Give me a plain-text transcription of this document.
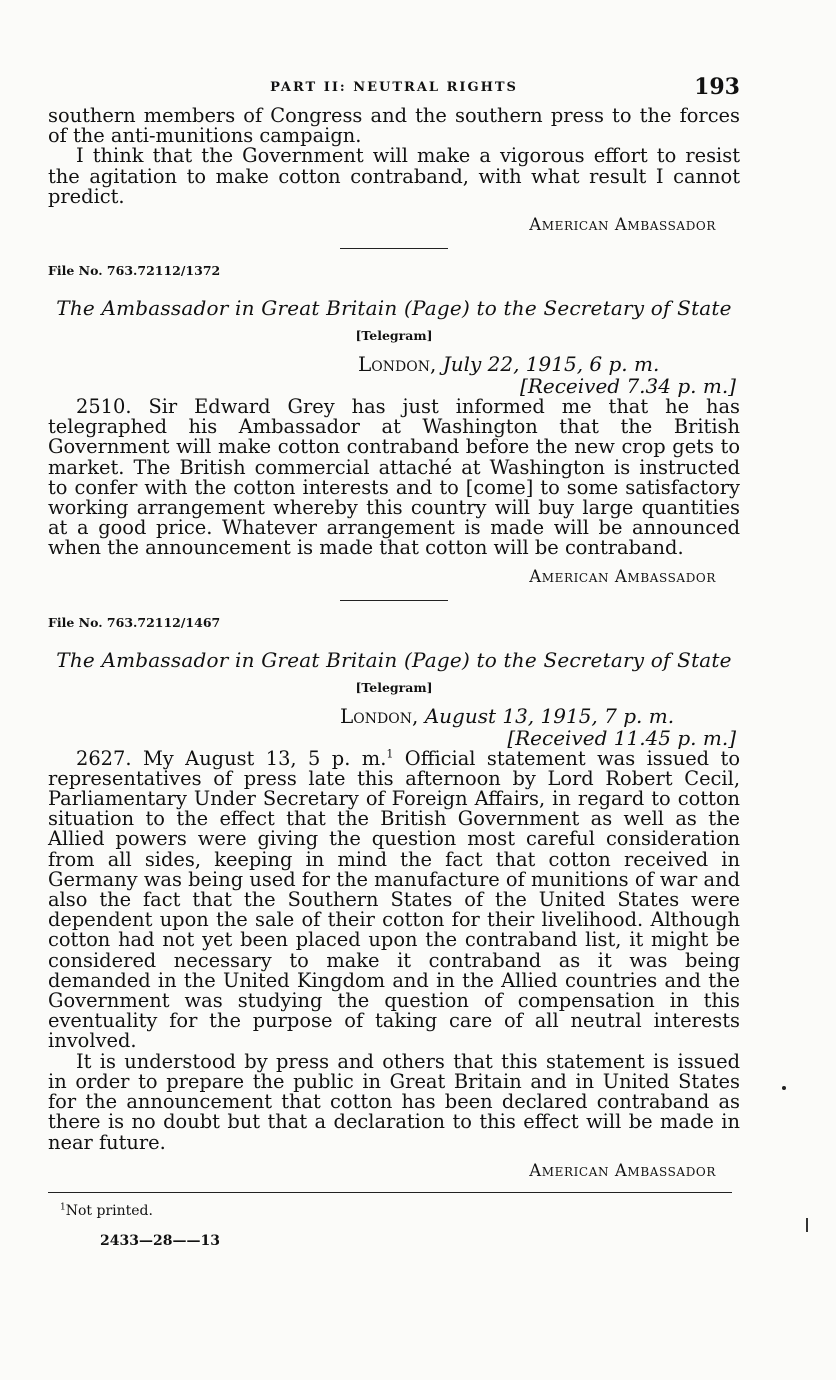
PART II: NEUTRAL RIGHTS	193

southern members of Congress and the southern press to the forces of the anti-munitions campaign.

I think that the Government will make a vigorous effort to resist the agitation to make cotton contraband, with what result I cannot predict.

American Ambassador
File No. 763.72112/1372
The Ambassador in Great Britain (Page) to the Secretary of State
[Telegram]
London, July 22, 1915, 6 p. m.
[Received 7.34 p. m.]

2510. Sir Edward Grey has just informed me that he has telegraphed his Ambassador at Washington that the British Government will make cotton contraband before the new crop gets to market. The British commercial attaché at Washington is instructed to confer with the cotton interests and to [come] to some satisfactory working arrangement whereby this country will buy large quantities at a good price. Whatever arrangement is made will be announced when the announcement is made that cotton will be contraband.

American Ambassador
File No. 763.72112/1467
The Ambassador in Great Britain (Page) to the Secretary of State
[Telegram]
London, August 13, 1915, 7 p. m.
[Received 11.45 p. m.]

2627. My August 13, 5 p. m.$^1$ Official statement was issued to representatives of press late this afternoon by Lord Robert Cecil, Parliamentary Under Secretary of Foreign Affairs, in regard to cotton situation to the effect that the British Government as well as the Allied powers were giving the question most careful consideration from all sides, keeping in mind the fact that cotton received in Germany was being used for the manufacture of munitions of war and also the fact that the Southern States of the United States were dependent upon the sale of their cotton for their livelihood. Although cotton had not yet been placed upon the contraband list, it might be considered necessary to make it contraband as it was being demanded in the United Kingdom and in the Allied countries and the Government was studying the question of compensation in this eventuality for the purpose of taking care of all neutral interests involved.

It is understood by press and others that this statement is issued in order to prepare the public in Great Britain and in United States for the announcement that cotton has been declared contraband as there is no doubt but that a declaration to this effect will be made in near future.

American Ambassador
$^1$Not printed.
2433—28——13
